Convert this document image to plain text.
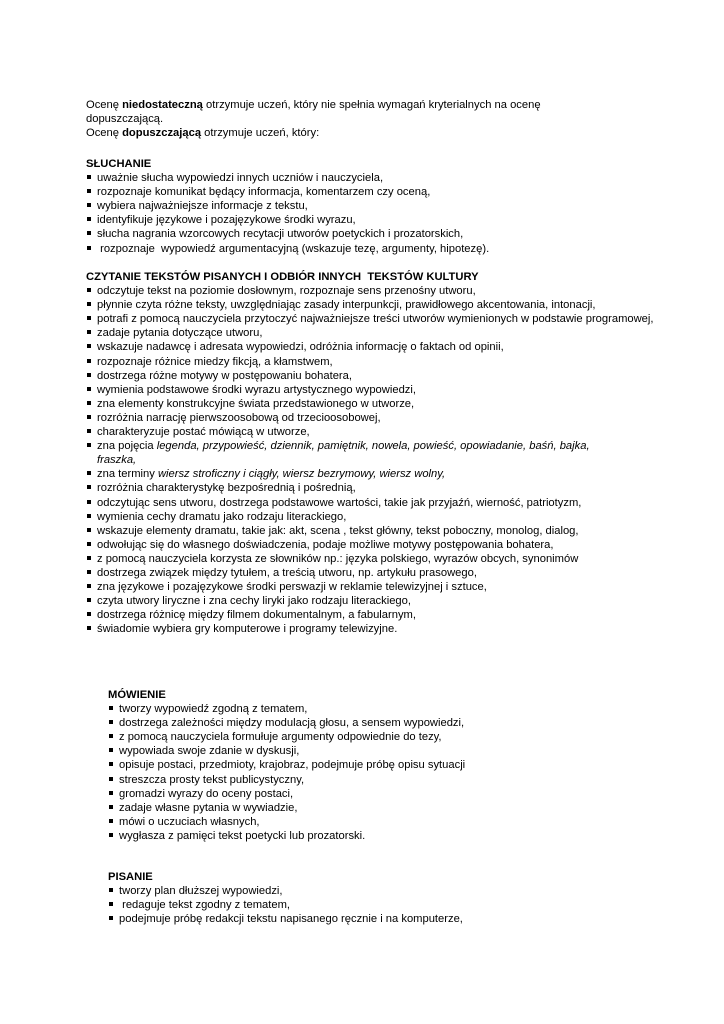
Ocenę niedostateczną otrzymuje uczeń, który nie spełnia wymagań kryterialnych na ocenę dopuszczającą.

Ocenę dopuszczającą otrzymuje uczeń, który:

SŁUCHANIE

uważnie słucha wypowiedzi innych uczniów i nauczyciela,
rozpoznaje komunikat będący informacja, komentarzem czy oceną,
wybiera najważniejsze informacje z tekstu,
identyfikuje językowe i pozajęzykowe środki wyrazu,
słucha nagrania wzorcowych recytacji utworów poetyckich i prozatorskich,
rozpoznaje  wypowiedź argumentacyjną (wskazuje tezę, argumenty, hipotezę).

CZYTANIE TEKSTÓW PISANYCH I ODBIÓR INNYCH  TEKSTÓW KULTURY

odczytuje tekst na poziomie dosłownym, rozpoznaje sens przenośny utworu,
płynnie czyta różne teksty, uwzględniając zasady interpunkcji, prawidłowego akcentowania, intonacji,
potrafi z pomocą nauczyciela przytoczyć najważniejsze treści utworów wymienionych w podstawie programowej,
zadaje pytania dotyczące utworu,
wskazuje nadawcę i adresata wypowiedzi, odróżnia informację o faktach od opinii,
rozpoznaje różnice miedzy fikcją, a kłamstwem,
dostrzega różne motywy w postępowaniu bohatera,
wymienia podstawowe środki wyrazu artystycznego wypowiedzi,
zna elementy konstrukcyjne świata przedstawionego w utworze,
rozróżnia narrację pierwszoosobową od trzecioosobowej,
charakteryzuje postać mówiącą w utworze,
zna pojęcia legenda, przypowieść, dziennik, pamiętnik, nowela, powieść, opowiadanie, baśń, bajka, fraszka,
zna terminy wiersz stroficzny i ciągły, wiersz bezrymowy, wiersz wolny,
rozróżnia charakterystykę bezpośrednią i pośrednią,
odczytując sens utworu, dostrzega podstawowe wartości, takie jak przyjaźń, wierność, patriotyzm,
wymienia cechy dramatu jako rodzaju literackiego,
wskazuje elementy dramatu, takie jak: akt, scena , tekst główny, tekst poboczny, monolog, dialog,
odwołując się do własnego doświadczenia, podaje możliwe motywy postępowania bohatera,
z pomocą nauczyciela korzysta ze słowników np.: języka polskiego, wyrazów obcych, synonimów
dostrzega związek między tytułem, a treścią utworu, np. artykułu prasowego,
zna językowe i pozajęzykowe środki perswazji w reklamie telewizyjnej i sztuce,
czyta utwory liryczne i zna cechy liryki jako rodzaju literackiego,
dostrzega różnicę między filmem dokumentalnym, a fabularnym,
świadomie wybiera gry komputerowe i programy telewizyjne.

MÓWIENIE

tworzy wypowiedź zgodną z tematem,
dostrzega zależności między modulacją głosu, a sensem wypowiedzi,
z pomocą nauczyciela formułuje argumenty odpowiednie do tezy,
wypowiada swoje zdanie w dyskusji,
opisuje postaci, przedmioty, krajobraz, podejmuje próbę opisu sytuacji
streszcza prosty tekst publicystyczny,
gromadzi wyrazy do oceny postaci,
zadaje własne pytania w wywiadzie,
mówi o uczuciach własnych,
wygłasza z pamięci tekst poetycki lub prozatorski.

PISANIE

tworzy plan dłuższej wypowiedzi,
redaguje tekst zgodny z tematem,
podejmuje próbę redakcji tekstu napisanego ręcznie i na komputerze,
